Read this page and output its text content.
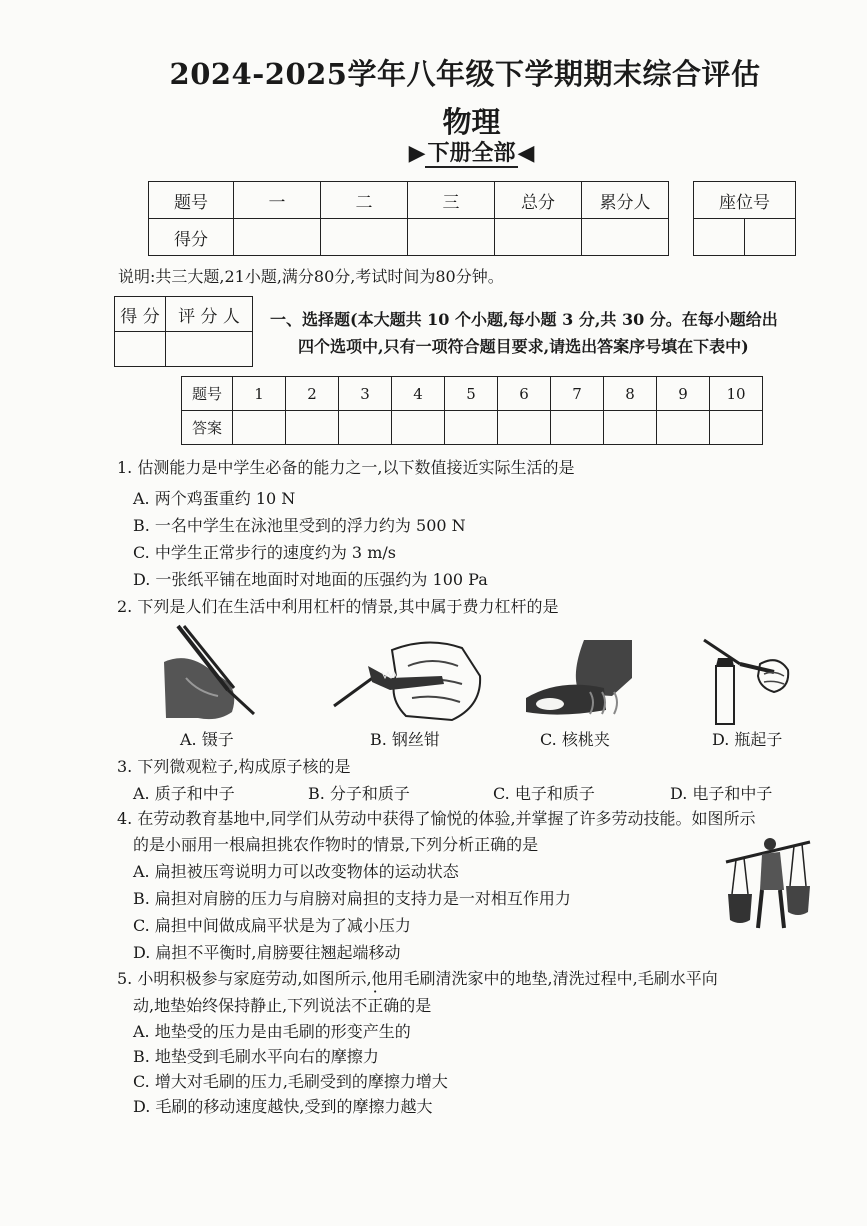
2024-2025学年八年级下学期期末综合评估
物理
▶下册全部◀
题号	一	二	三	总分	累分人
得分					
座位号

说明:共三大题,21小题,满分80分,考试时间为80分钟。
得 分	评 分 人
	一、选择题(本大题共 10 个小题,每小题 3 分,共 30 分。在每小题给出
四个选项中,只有一项符合题目要求,请选出答案序号填在下表中)
题号	1	2	3	4	5	6	7	8	9	10
答案										
1. 估测能力是中学生必备的能力之一,以下数值接近实际生活的是
A. 两个鸡蛋重约 10 N
B. 一名中学生在泳池里受到的浮力约为 500 N
C. 中学生正常步行的速度约为 3 m/s
D. 一张纸平铺在地面时对地面的压强约为 100 Pa
2. 下列是人们在生活中利用杠杆的情景,其中属于费力杠杆的是
A. 镊子	B. 钢丝钳	C. 核桃夹	D. 瓶起子
3. 下列微观粒子,构成原子核的是
A. 质子和中子	B. 分子和质子	C. 电子和质子	D. 电子和中子
4. 在劳动教育基地中,同学们从劳动中获得了愉悦的体验,并掌握了许多劳动技能。如图所示
的是小丽用一根扁担挑农作物时的情景,下列分析正确的是
A. 扁担被压弯说明力可以改变物体的运动状态
B. 扁担对肩膀的压力与肩膀对扁担的支持力是一对相互作用力
C. 扁担中间做成扁平状是为了减小压力
D. 扁担不平衡时,肩膀要往翘起端移动
5. 小明积极参与家庭劳动,如图所示,他用毛刷清洗家中的地垫,清洗过程中,毛刷水平向
动,地垫始终保持静止,下列说法不正确的是
A. 地垫受的压力是由毛刷的形变产生的
B. 地垫受到毛刷水平向右的摩擦力
C. 增大对毛刷的压力,毛刷受到的摩擦力增大
D. 毛刷的移动速度越快,受到的摩擦力越大
